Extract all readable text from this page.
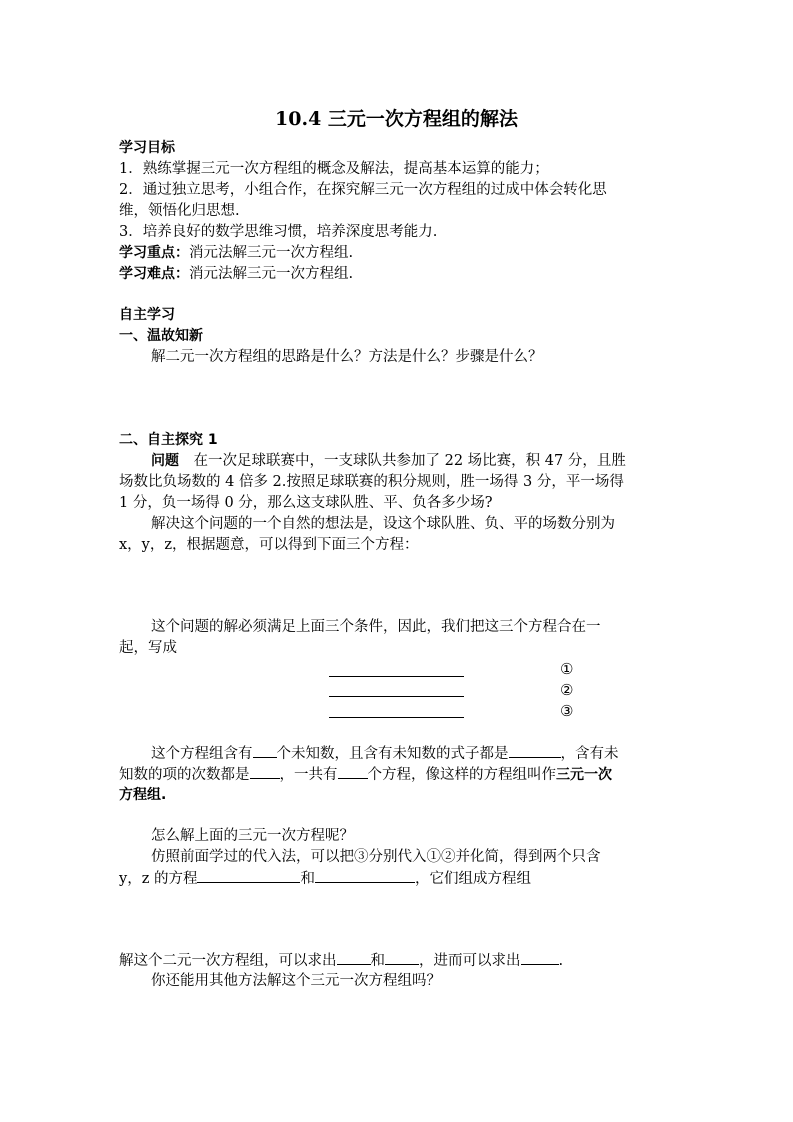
10.4 三元一次方程组的解法
学习目标
1．熟练掌握三元一次方程组的概念及解法，提高基本运算的能力；
2．通过独立思考，小组合作，在探究解三元一次方程组的过成中体会转化思
维，领悟化归思想.
3．培养良好的数学思维习惯，培养深度思考能力.
学习重点：消元法解三元一次方程组.
学习难点：消元法解三元一次方程组.
自主学习
一、温故知新
解二元一次方程组的思路是什么？方法是什么？步骤是什么？
二、自主探究 1
问题　在一次足球联赛中，一支球队共参加了 22 场比赛，积 47 分，且胜
场数比负场数的 4 倍多 2.按照足球联赛的积分规则，胜一场得 3 分，平一场得
1 分，负一场得 0 分，那么这支球队胜、平、负各多少场?
解决这个问题的一个自然的想法是，设这个球队胜、负、平的场数分别为
x，y，z，根据题意，可以得到下面三个方程：
这个问题的解必须满足上面三个条件，因此，我们把这三个方程合在一
起，写成
①
②
③
这个方程组含有 个未知数，且含有未知数的式子都是	，含有未
知数的项的次数都是 ，一共有 个方程，像这样的方程组叫作三元一次
方程组.
怎么解上面的三元一次方程呢？
仿照前面学过的代入法，可以把③分别代入①②并化简，得到两个只含
y，z 的方程	和	，它们组成方程组
解这个二元一次方程组，可以求出 和 ，进而可以求出	.
你还能用其他方法解这个三元一次方程组吗？
